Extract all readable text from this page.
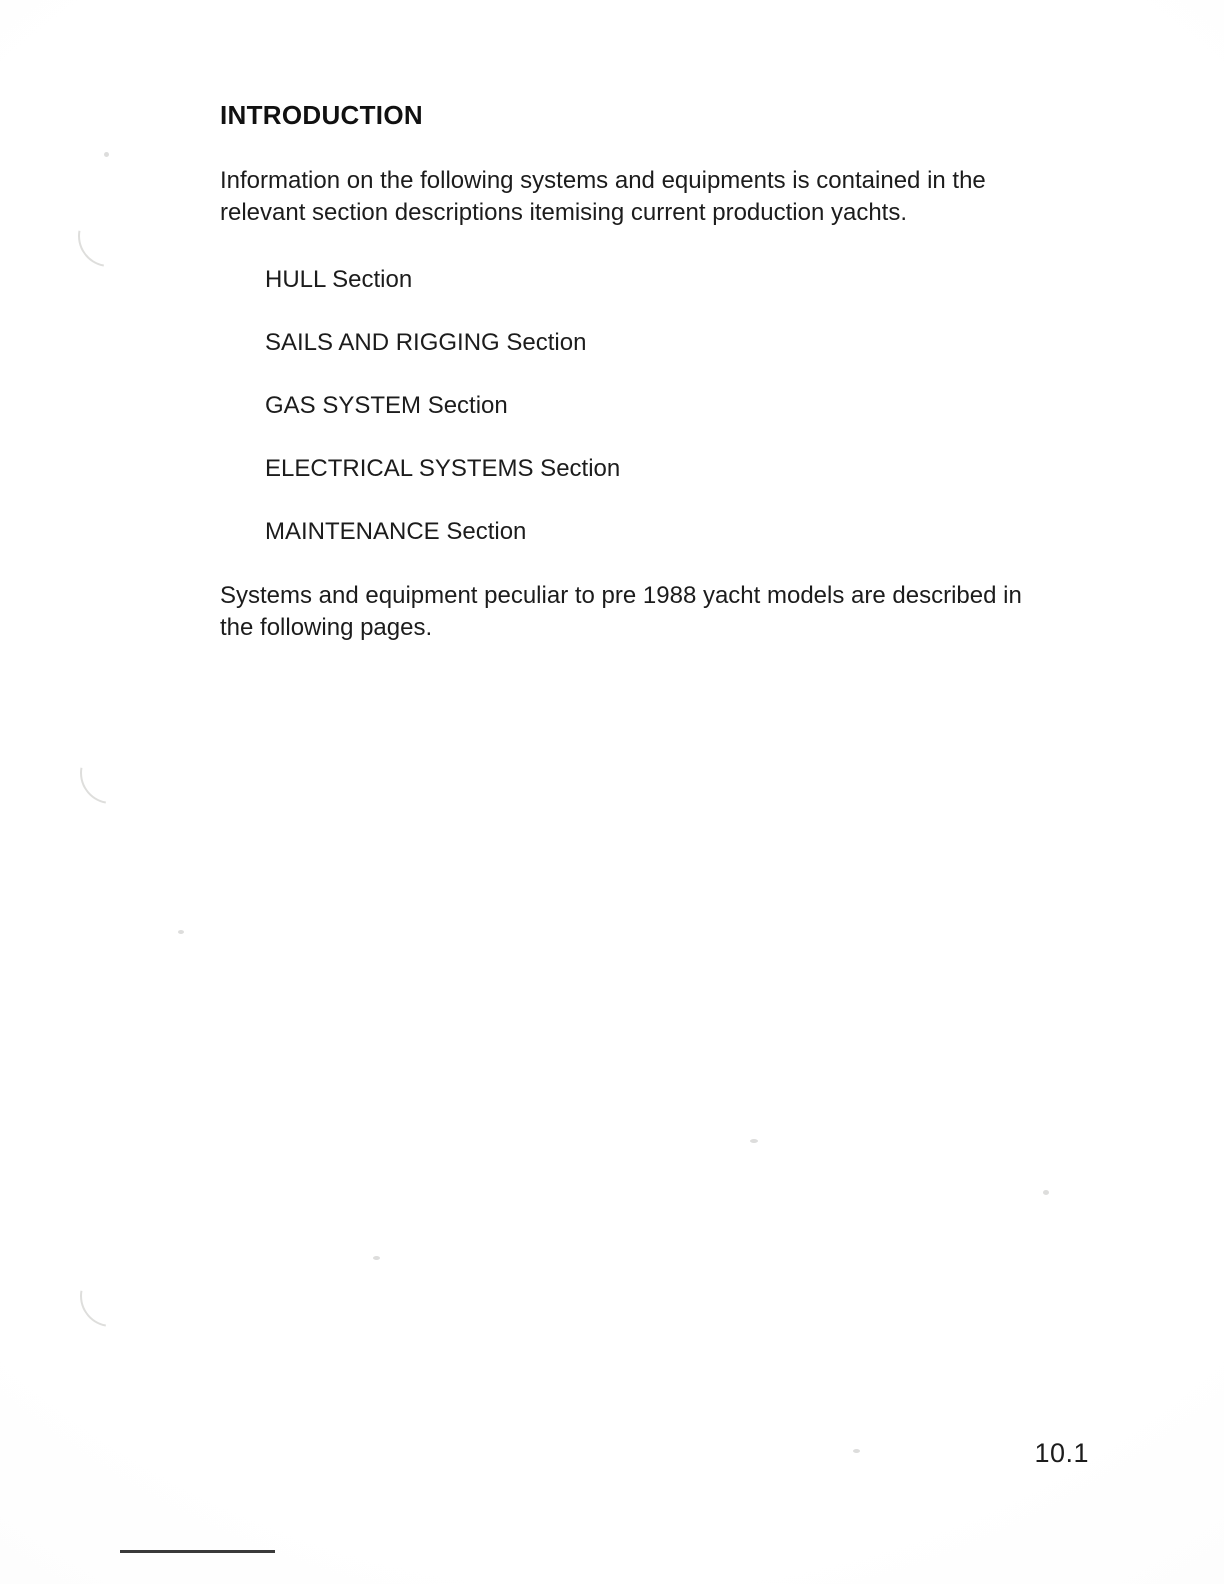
INTRODUCTION

Information on the following systems and equipments is contained in the relevant section descriptions itemising current production yachts.

HULL Section
SAILS AND RIGGING Section
GAS SYSTEM Section
ELECTRICAL SYSTEMS Section
MAINTENANCE Section

Systems and equipment peculiar to pre 1988 yacht models are described in the following pages.

10.1
